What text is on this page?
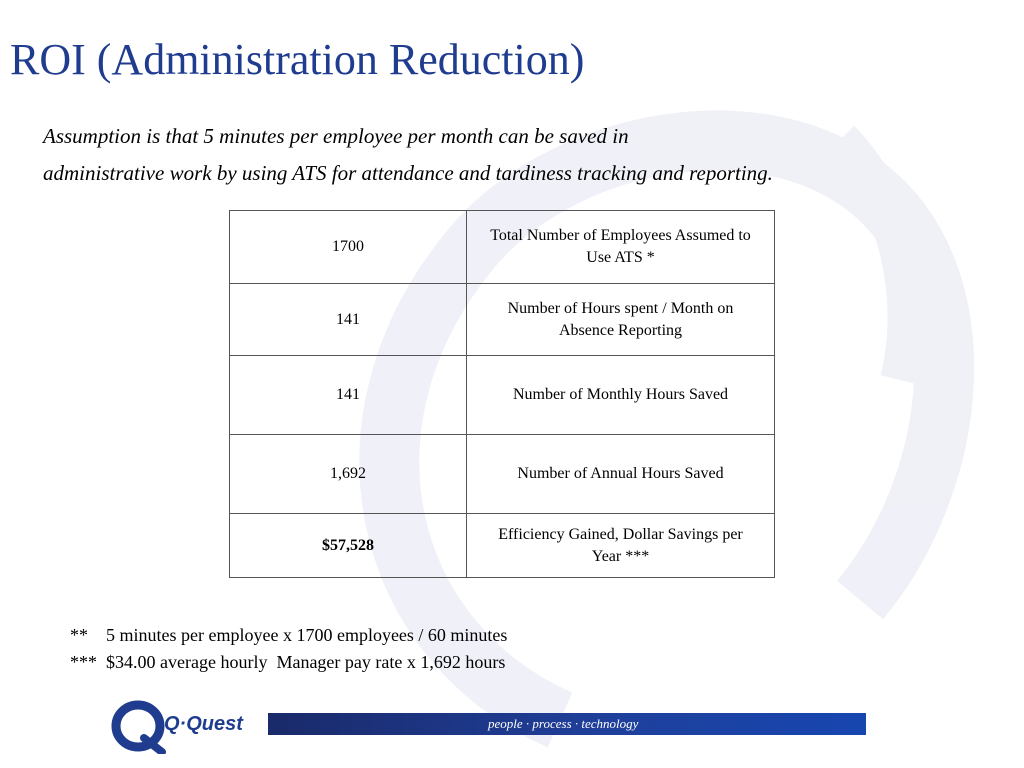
ROI (Administration Reduction)
Assumption is that 5 minutes per employee per month can be saved in
administrative work by using ATS for attendance and tardiness tracking and reporting.
1700	Total Number of Employees Assumed to Use ATS *
141	Number of Hours spent / Month on Absence Reporting
141	Number of Monthly Hours Saved
1,692	Number of Annual Hours Saved
$57,528	Efficiency Gained, Dollar Savings per Year ***
**    5 minutes per employee x 1700 employees / 60 minutes
***  $34.00 average hourly  Manager pay rate x 1,692 hours
Q·Quest	people · process · technology
